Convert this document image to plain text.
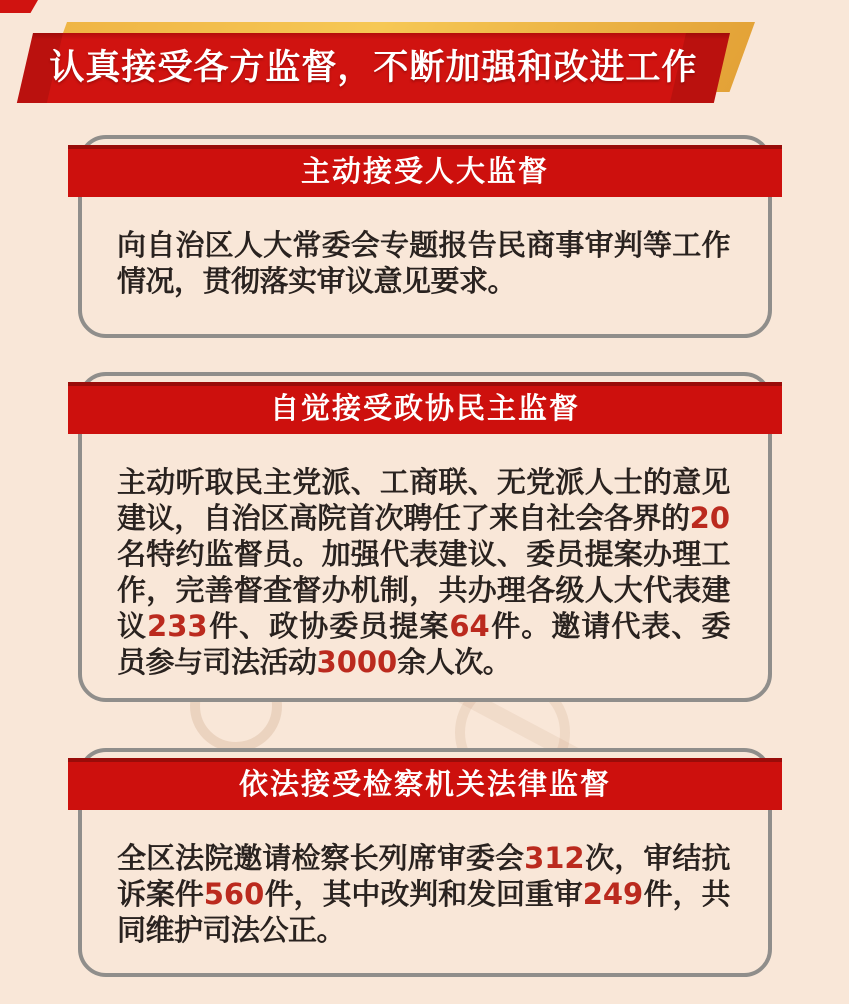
认真接受各方监督，不断加强和改进工作
主动接受人大监督
向自治区人大常委会专题报告民商事审判等工作情况，贯彻落实审议意见要求。
自觉接受政协民主监督
主动听取民主党派、工商联、无党派人士的意见建议，自治区高院首次聘任了来自社会各界的20名特约监督员。加强代表建议、委员提案办理工作，完善督查督办机制，共办理各级人大代表建议233件、政协委员提案64件。邀请代表、委员参与司法活动3000余人次。
依法接受检察机关法律监督
全区法院邀请检察长列席审委会312次，审结抗诉案件560件，其中改判和发回重审249件，共同维护司法公正。
